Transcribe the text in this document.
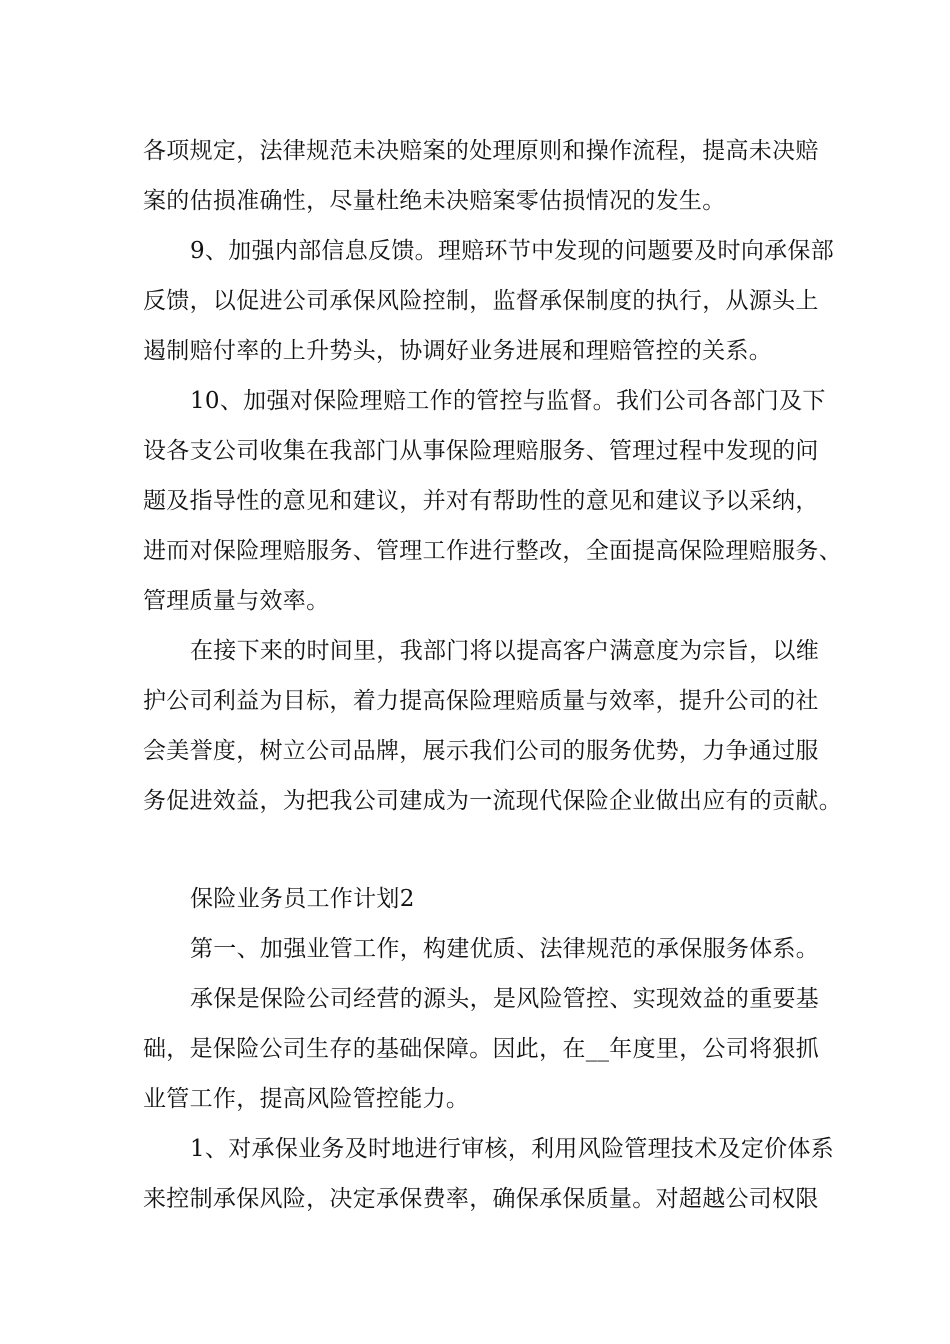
各项规定，法律规范未决赔案的处理原则和操作流程，提高未决赔
案的估损准确性，尽量杜绝未决赔案零估损情况的发生。
9、加强内部信息反馈。理赔环节中发现的问题要及时向承保部
反馈，以促进公司承保风险控制，监督承保制度的执行，从源头上
遏制赔付率的上升势头，协调好业务进展和理赔管控的关系。
10、加强对保险理赔工作的管控与监督。我们公司各部门及下
设各支公司收集在我部门从事保险理赔服务、管理过程中发现的问
题及指导性的意见和建议，并对有帮助性的意见和建议予以采纳，
进而对保险理赔服务、管理工作进行整改，全面提高保险理赔服务、
管理质量与效率。
在接下来的时间里，我部门将以提高客户满意度为宗旨，以维
护公司利益为目标，着力提高保险理赔质量与效率，提升公司的社
会美誉度，树立公司品牌，展示我们公司的服务优势，力争通过服
务促进效益，为把我公司建成为一流现代保险企业做出应有的贡献。
保险业务员工作计划2
第一、加强业管工作，构建优质、法律规范的承保服务体系。
承保是保险公司经营的源头，是风险管控、实现效益的重要基
础，是保险公司生存的基础保障。因此，在__年度里，公司将狠抓
业管工作，提高风险管控能力。
1、对承保业务及时地进行审核，利用风险管理技术及定价体系
来控制承保风险，决定承保费率，确保承保质量。对超越公司权限
